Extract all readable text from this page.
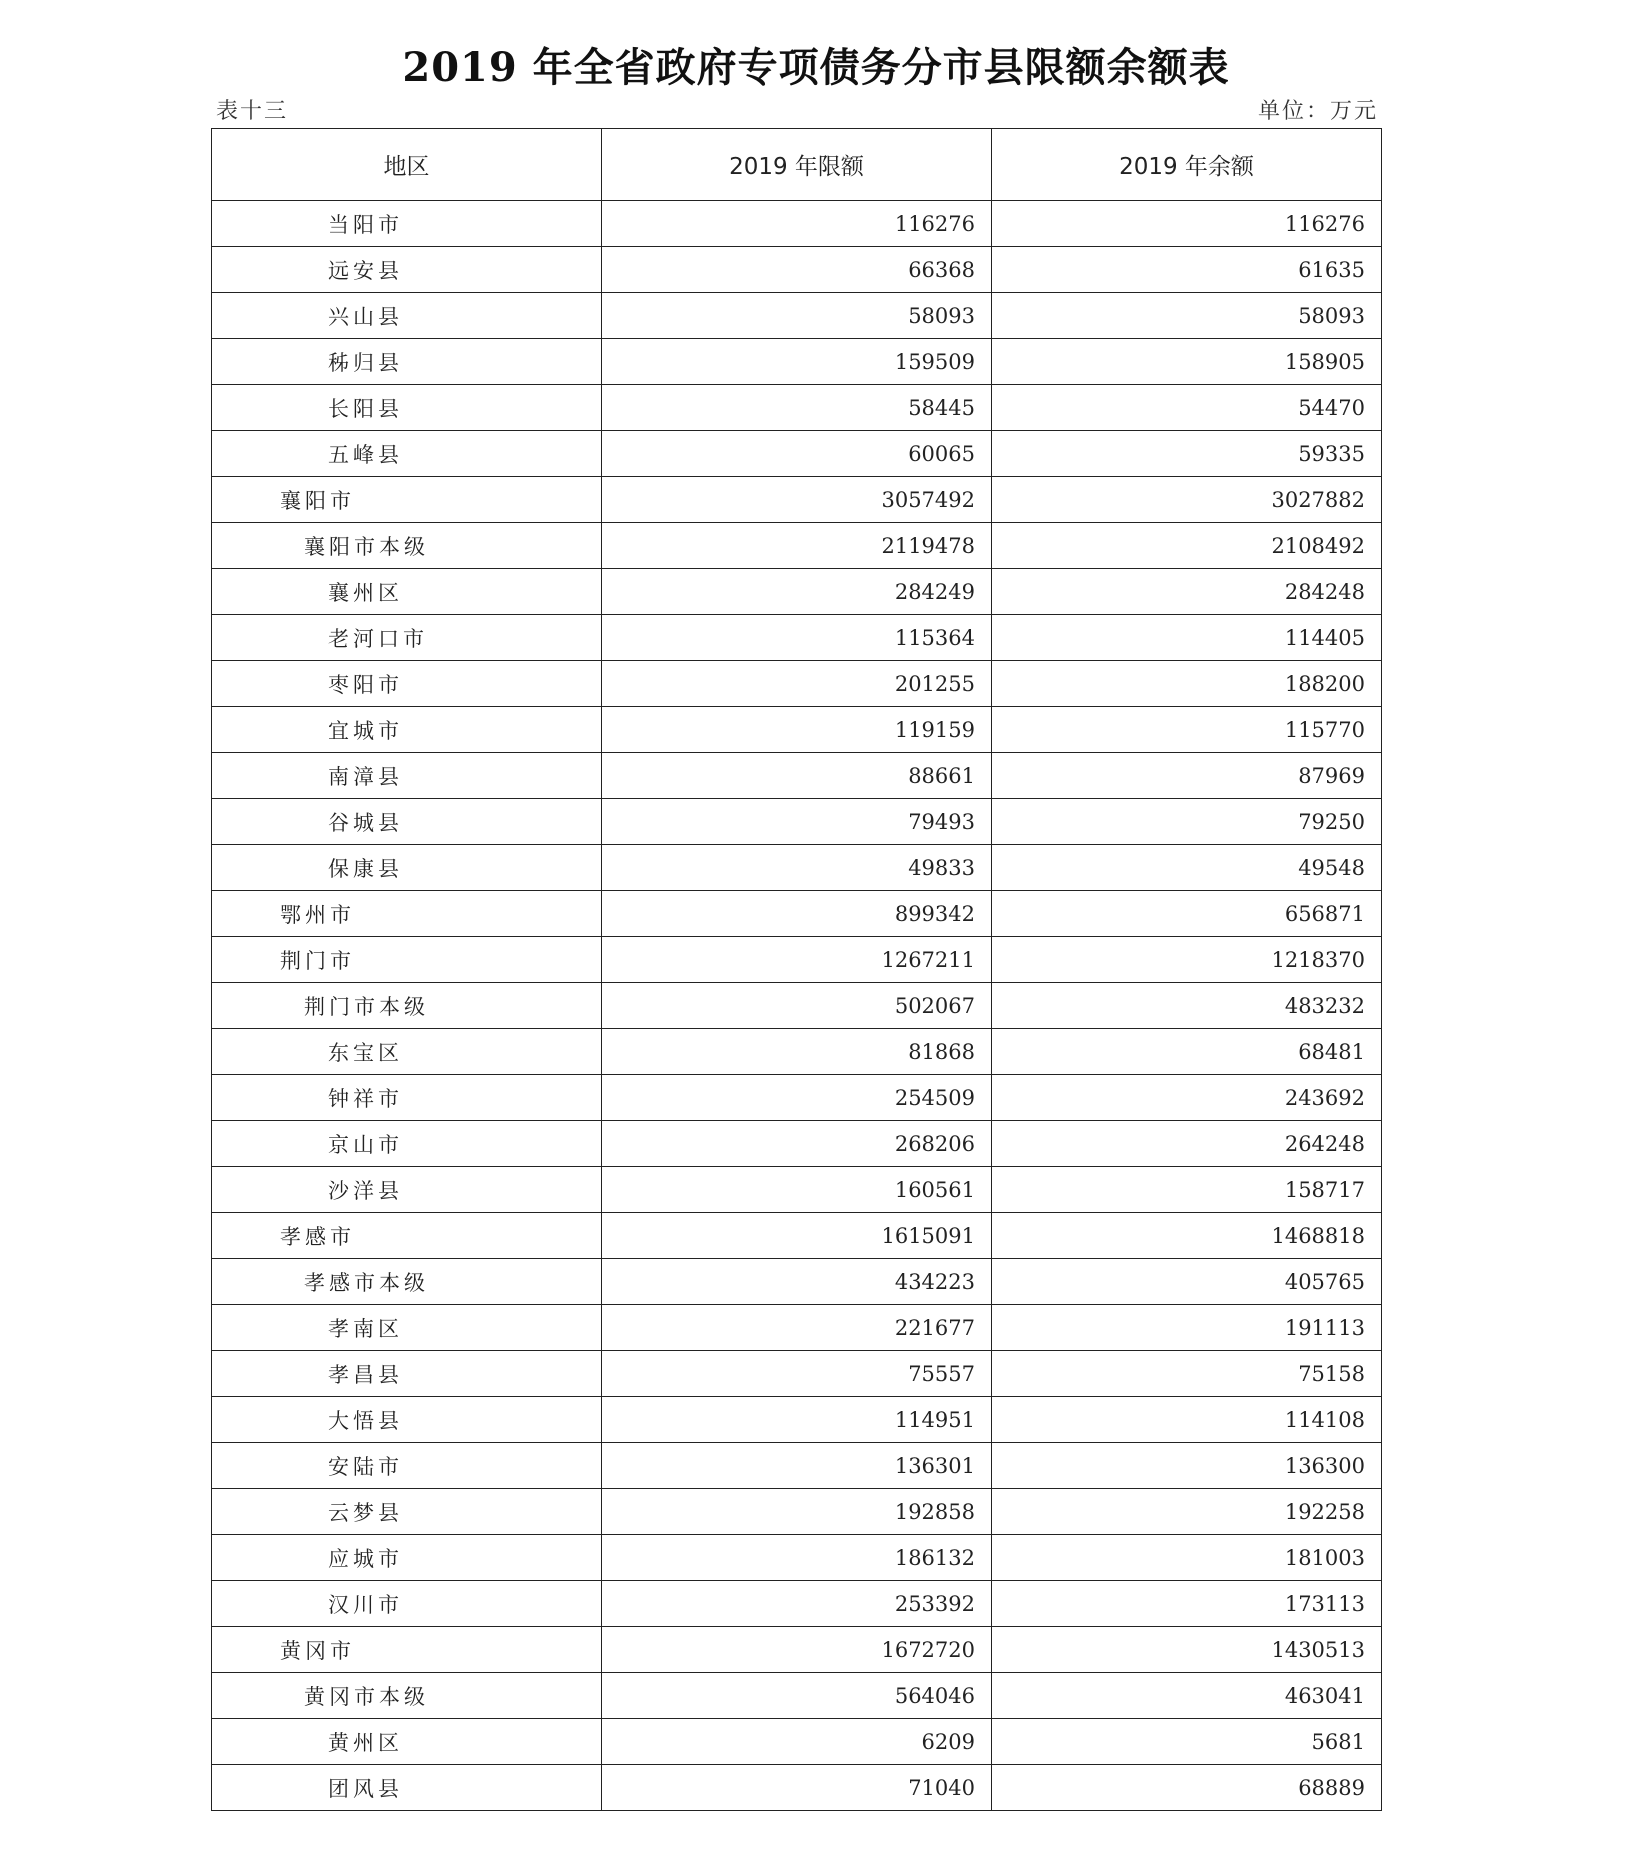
2019 年全省政府专项债务分市县限额余额表
表十三	单位：万元
地区	2019 年限额	2019 年余额
当阳市	116276	116276
远安县	66368	61635
兴山县	58093	58093
秭归县	159509	158905
长阳县	58445	54470
五峰县	60065	59335
襄阳市	3057492	3027882
襄阳市本级	2119478	2108492
襄州区	284249	284248
老河口市	115364	114405
枣阳市	201255	188200
宜城市	119159	115770
南漳县	88661	87969
谷城县	79493	79250
保康县	49833	49548
鄂州市	899342	656871
荆门市	1267211	1218370
荆门市本级	502067	483232
东宝区	81868	68481
钟祥市	254509	243692
京山市	268206	264248
沙洋县	160561	158717
孝感市	1615091	1468818
孝感市本级	434223	405765
孝南区	221677	191113
孝昌县	75557	75158
大悟县	114951	114108
安陆市	136301	136300
云梦县	192858	192258
应城市	186132	181003
汉川市	253392	173113
黄冈市	1672720	1430513
黄冈市本级	564046	463041
黄州区	6209	5681
团风县	71040	68889
